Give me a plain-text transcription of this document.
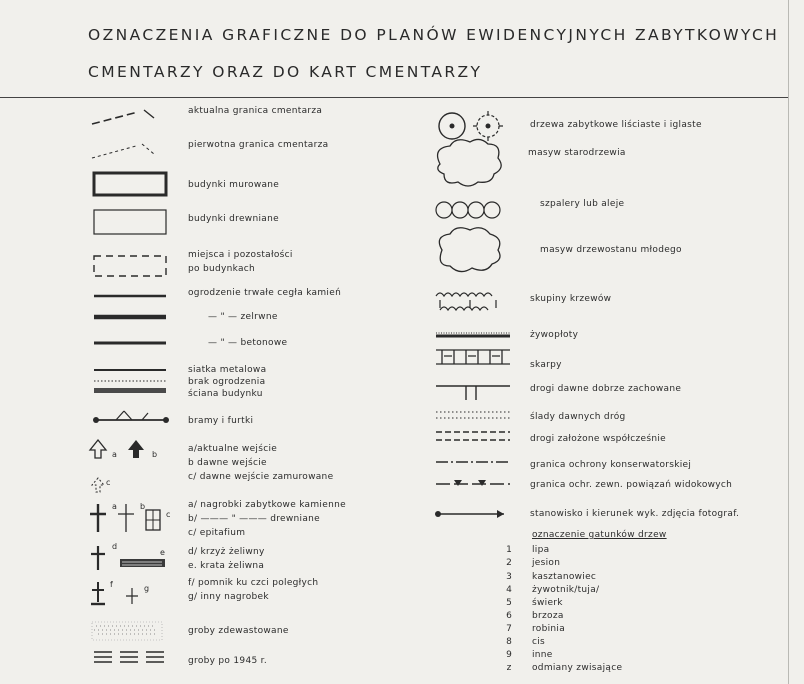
OZNACZENIA GRAFICZNE DO PLANÓW EWIDENCYJNYCH ZABYTKOWYCH
CMENTARZY ORAZ DO KART CMENTARZY
a	b
c
a	b
c
d
e
f	g
aktualna granica cmentarza
pierwotna granica cmentarza
budynki murowane
budynki drewniane
miejsca i pozostałości
po budynkach
ogrodzenie trwałe cegła kamień
— " — zelrwne
— " — betonowe
siatka metalowa
brak ogrodzenia
ściana budynku
bramy i furtki
a/aktualne wejście
b dawne wejście
c/ dawne wejście zamurowane
a/ nagrobki zabytkowe kamienne
b/ ——— " ——— drewniane
c/ epitafium
d/ krzyż żeliwny
e. krata żeliwna
f/ pomnik ku czci poległych
g/ inny nagrobek
groby zdewastowane
groby po 1945 r.
drzewa zabytkowe liściaste i iglaste
masyw starodrzewia
szpalery lub aleje
masyw drzewostanu młodego
skupiny krzewów
żywopłoty
skarpy
drogi dawne dobrze zachowane
ślady dawnych dróg
drogi założone współcześnie
granica ochrony konserwatorskiej
granica ochr. zewn. powiązań widokowych
stanowisko i kierunek wyk. zdjęcia fotograf.
oznaczenie gatunków drzew
1	lipa
2	jesion
3	kasztanowiec
4	żywotnik/tuja/
5	świerk
6	brzoza
7	robinia
8	cis
9	inne
z	odmiany zwisające
